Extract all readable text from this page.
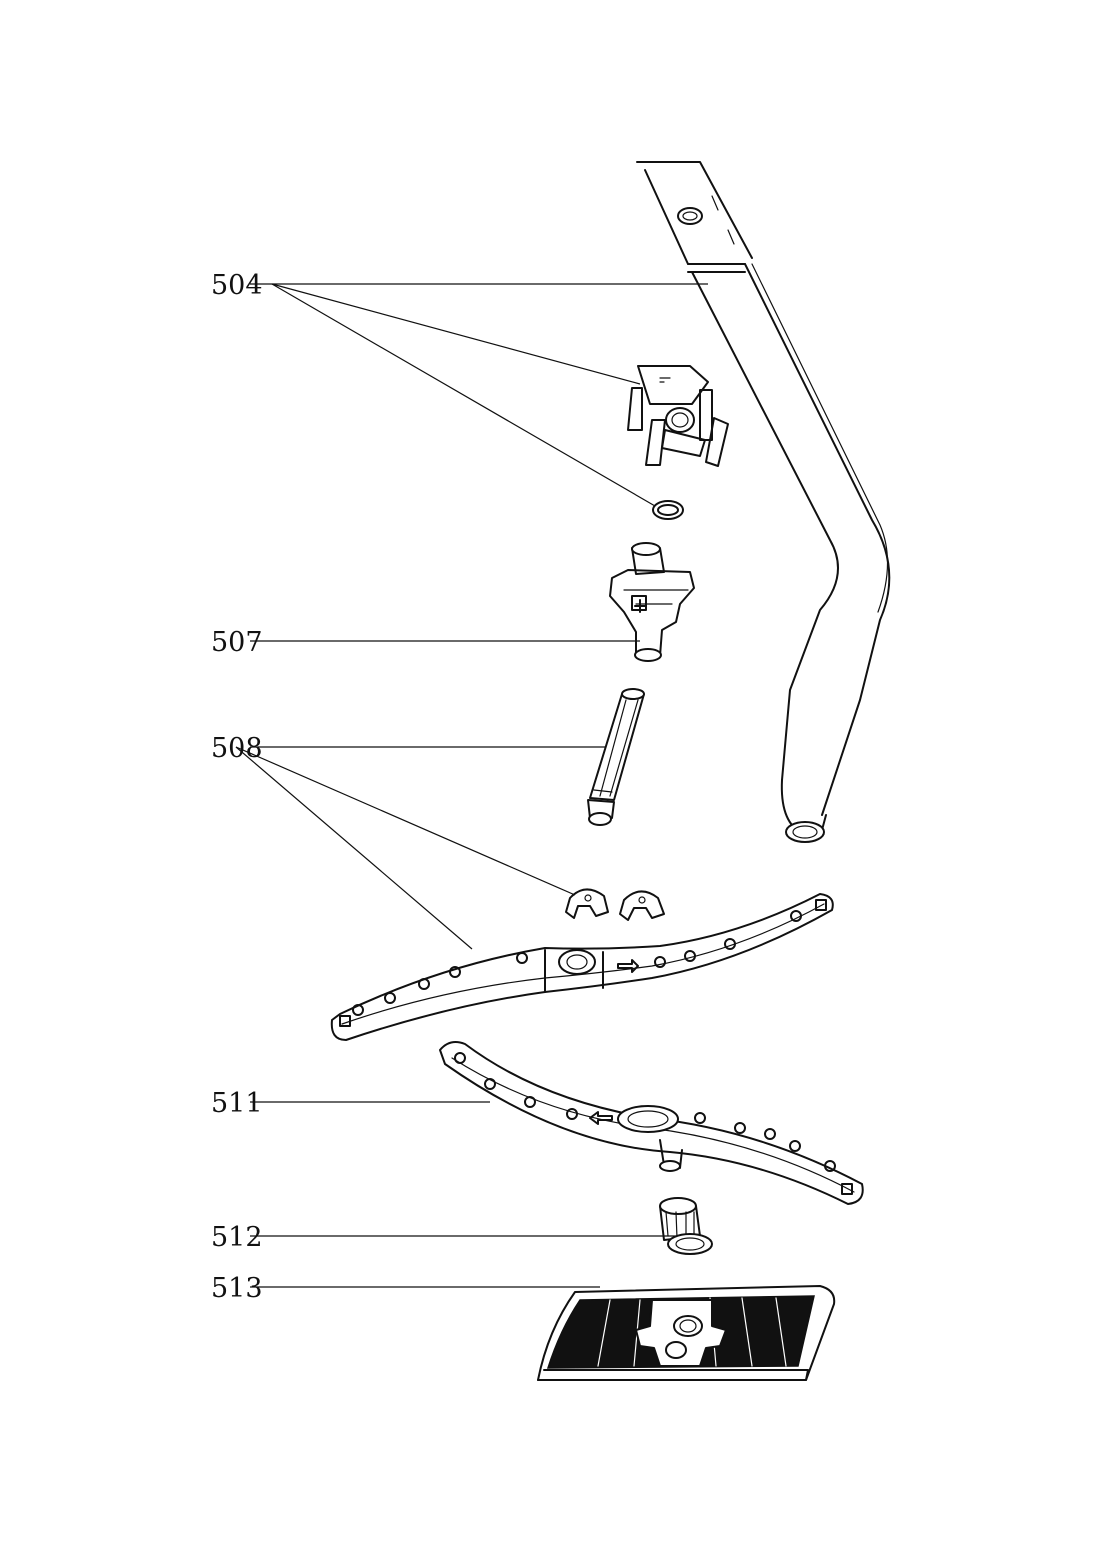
504
507
508
511
512
513
